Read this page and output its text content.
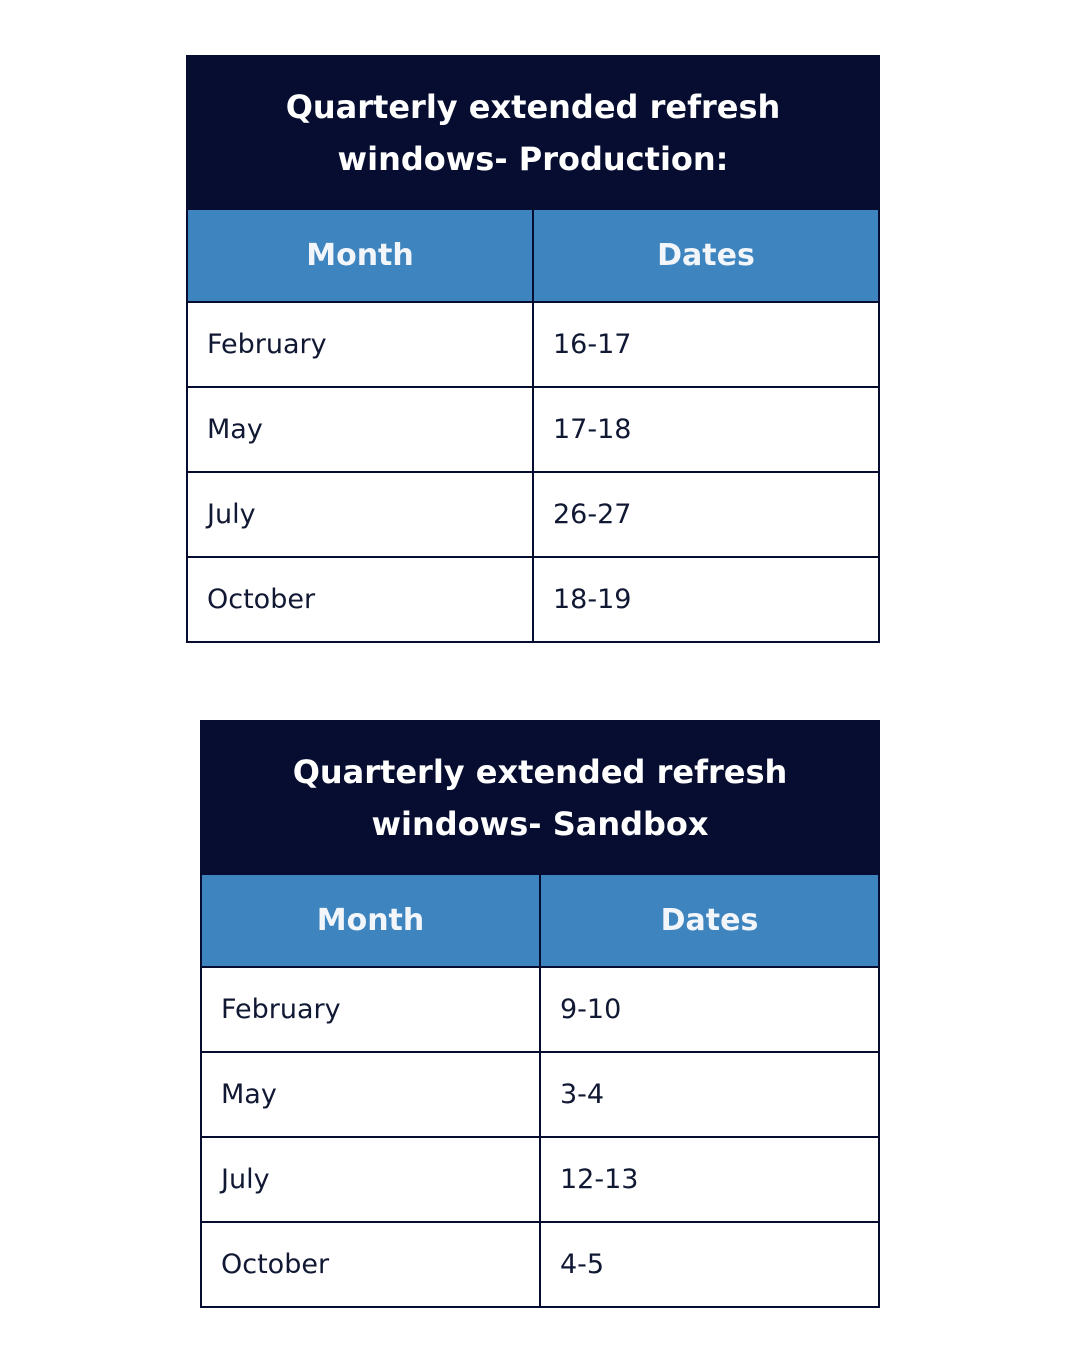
Quarterly extended refresh windows- Production:
Month	Dates
February	16-17
May	17-18
July	26-27
October	18-19
Quarterly extended refresh windows- Sandbox
Month	Dates
February	9-10
May	3-4
July	12-13
October	4-5
